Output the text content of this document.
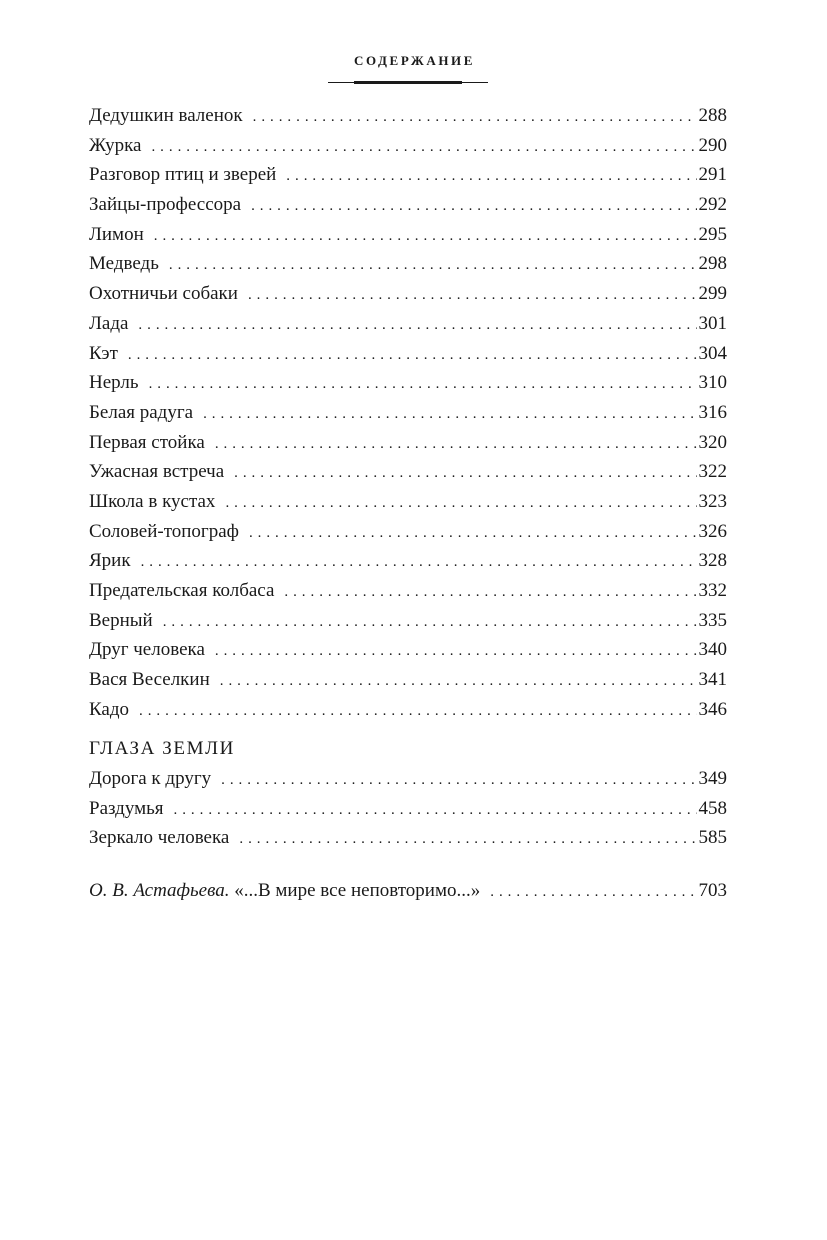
СОДЕРЖАНИЕ
Дедушкин валенок . . .	288
Журка . . .	290
Разговор птиц и зверей . . .	291
Зайцы-профессора . . .	292
Лимон . . .	295
Медведь . . .	298
Охотничьи собаки . . .	299
Лада . . .	301
Кэт . . .	304
Нерль . . .	310
Белая радуга . . .	316
Первая стойка . . .	320
Ужасная встреча . . .	322
Школа в кустах . . .	323
Соловей-топограф . . .	326
Ярик . . .	328
Предательская колбаса . . .	332
Верный . . .	335
Друг человека . . .	340
Вася Веселкин . . .	341
Кадо . . .	346
ГЛАЗА ЗЕМЛИ
Дорога к другу . . .	349
Раздумья . . .	458
Зеркало человека . . .	585
О. В. Астафьева. «...В мире все неповторимо...» . . .	703
